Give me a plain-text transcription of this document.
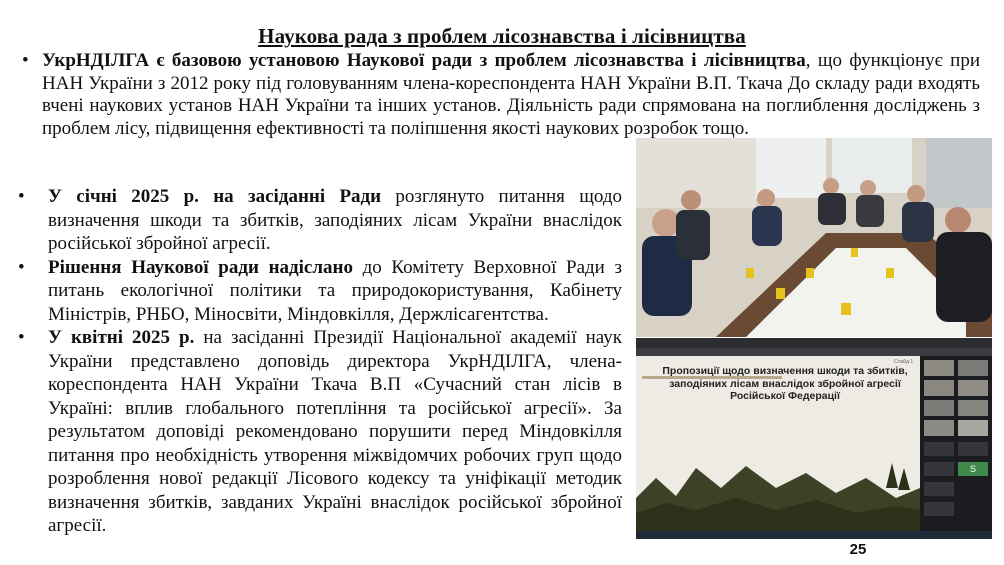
Наукова рада з проблем лісознавства і лісівництва
• УкрНДІЛГА є базовою установою Наукової ради з проблем лісознавства і лісівництва, що функціонує при НАН України з 2012 року під головуванням члена-кореспондента НАН України В.П. Ткача До складу ради входять вчені наукових установ НАН України та інших установ. Діяльність ради спрямована на поглиблення досліджень з проблем лісу, підвищення ефективності та поліпшення якості наукових розробок тощо.
• У січні 2025 р. на засіданні Ради розглянуто питання щодо визначення шкоди та збитків, заподіяних лісам України внаслідок російської збройної агресії.
• Рішення Наукової ради надіслано до Комітету Верховної Ради з питань екологічної політики та природокористування, Кабінету Міністрів, РНБО, Міносвіти, Міндовкілля, Держлісагентства.
• У квітні 2025 р. на засіданні Президії Національної академії наук України представлено доповідь директора УкрНДІЛГА, члена-кореспондента НАН України Ткача В.П «Сучасний стан лісів в Україні: вплив глобального потепління та російської агресії». За результатом доповіді рекомендовано порушити перед Міндовкілля питання про необхідність утворення міжвідомчих робочих груп щодо розроблення нової редакції Лісового кодексу та уніфікації методик визначення збитків, завданих Україні внаслідок російської збройної агресії.
Пропозиції щодо визначення шкоди та збитків, заподіяних лісам внаслідок збройної агресії Російської Федерації
Слайд 1
S
25
